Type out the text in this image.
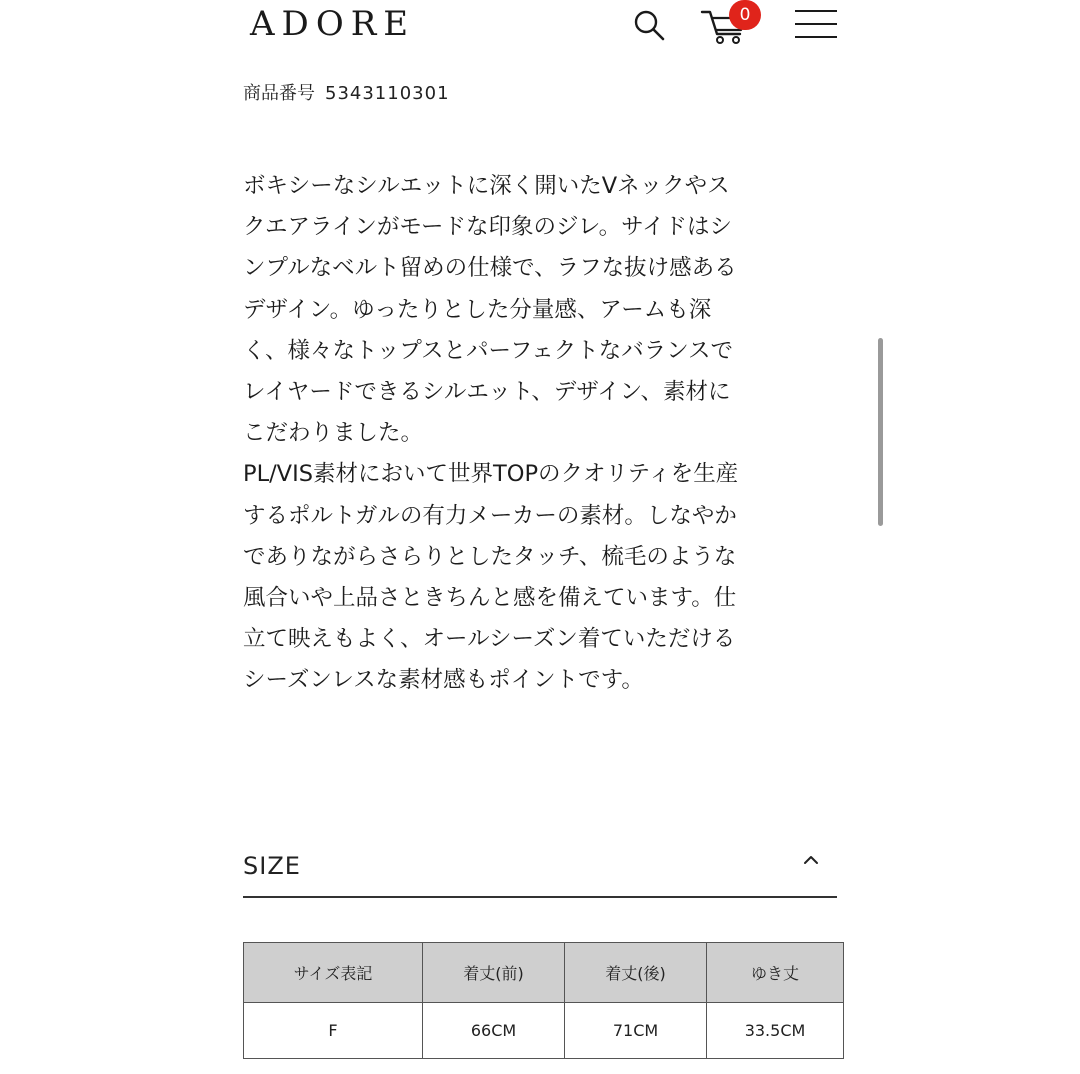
ADORE	0
商品番号 5343110301
ボキシーなシルエットに深く開いたVネックやス
クエアラインがモードな印象のジレ。サイドはシ
ンプルなベルト留めの仕様で、ラフな抜け感ある
デザイン。ゆったりとした分量感、アームも深
く、様々なトップスとパーフェクトなバランスで
レイヤードできるシルエット、デザイン、素材に
こだわりました。
PL/VIS素材において世界TOPのクオリティを生産
するポルトガルの有力メーカーの素材。しなやか
でありながらさらりとしたタッチ、梳毛のような
風合いや上品さときちんと感を備えています。仕
立て映えもよく、オールシーズン着ていただける
シーズンレスな素材感もポイントです。
SIZE
サイズ表記	着丈(前)	着丈(後)	ゆき丈
F	66CM	71CM	33.5CM
